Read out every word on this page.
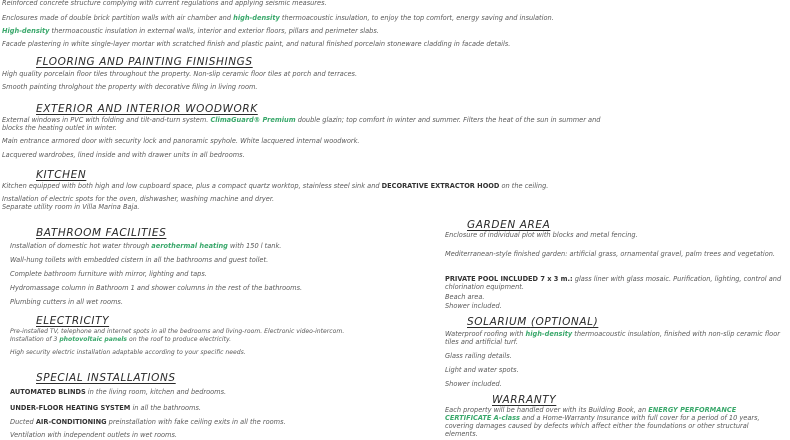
Reinforced concrete structure complying with current regulations and applying seismic measures.
Enclosures made of double brick partition walls with air chamber and high-density thermoacoustic insulation, to enjoy the top comfort, energy saving and insulation.
High-density thermoacoustic insulation in external walls, interior and exterior floors, pillars and perimeter slabs.
Facade plastering in white single-layer mortar with scratched finish and plastic paint, and natural finished porcelain stoneware cladding in facade details.
FLOORING AND PAINTING FINISHINGS
High quality porcelain floor tiles throughout the property. Non-slip ceramic floor tiles at porch and terraces.
Smooth painting throlghout the property with decorative filing in living room.
EXTERIOR AND INTERIOR WOODWORK
External windows in PVC with folding and tilt-and-turn system. ClimaGuard® Premium double glazin; top comfort in winter and summer. Filters the heat of the sun in summer and
blocks the heating outlet in winter.
Main entrance armored door with security lock and panoramic spyhole. White lacquered internal woodwork.
Lacquered wardrobes, lined inside and with drawer units in all bedrooms.
KITCHEN
Kitchen equipped with both high and low cupboard space, plus a compact quartz worktop, stainless steel sink and DECORATIVE EXTRACTOR HOOD on the ceiling.
Installation of electric spots for the oven, dishwasher, washing machine and dryer.
Separate utility room in Villa Marina Baja.
BATHROOM FACILITIES
Installation of domestic hot water through aerothermal heating with 150 l tank.
Wall-hung toilets with embedded cistern in all the bathrooms and guest toilet.
Complete bathroom furniture with mirror, lighting and taps.
Hydromassage column in Bathroom 1 and shower columns in the rest of the bathrooms.
Plumbing cutters in all wet rooms.
ELECTRICITY
Pre-installed TV, telephone and internet spots in all the bedrooms and living-room. Electronic video-intercom.
Installation of 3 photovoltaic panels on the roof to produce electricity.
High security electric installation adaptable according to your specific needs.
SPECIAL INSTALLATIONS
AUTOMATED BLINDS in the living room, kitchen and bedrooms.
UNDER-FLOOR HEATING SYSTEM in all the bathrooms.
Ducted AIR-CONDITIONING preinstallation with fake ceiling exits in all the rooms.
Ventilation with independent outlets in wet rooms.
GARDEN AREA
Enclosure of individual plot with blocks and metal fencing.
Mediterranean-style finished garden: artificial grass, ornamental gravel, palm trees and vegetation.
PRIVATE POOL INCLUDED 7 x 3 m.: glass liner with glass mosaic. Purification, lighting, control and chlorination equipment.
Beach area.
Shower included.
SOLARIUM (OPTIONAL)
Waterproof roofing with high-density thermoacoustic insulation, finished with non-slip ceramic floor tiles and artificial turf.
Glass railing details.
Light and water spots.
Shower included.
WARRANTY
Each property will be handled over with its Building Book, an ENERGY PERFORMANCE CERTIFICATE A-class and a Home-Warranty Insurance with full cover for a period of 10 years, covering damages caused by defects which affect either the foundations or other structural elements.
